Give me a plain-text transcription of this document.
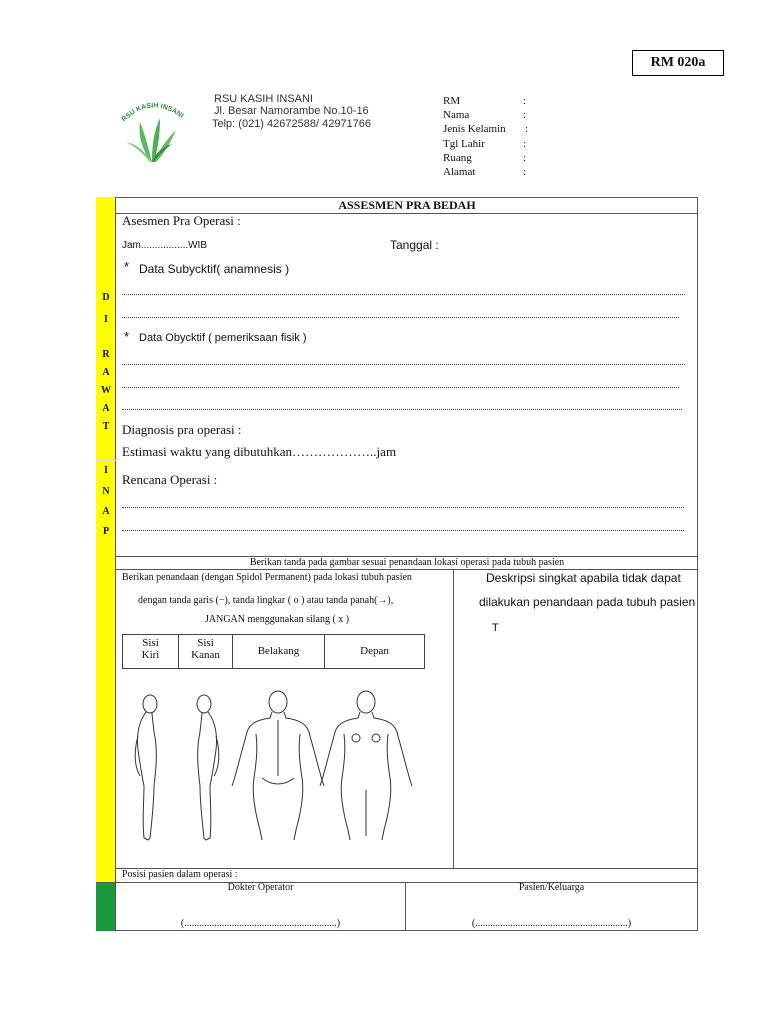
RM 020a
RSU KASIH INSANI
RSU KASIH INSANI
Jl. Besar Namorambe No.10-16
Telp: (021) 42672588/ 42971766
RM	:
Nama	:
Jenis Kelamin :
Tgl Lahir	:
Ruang	:
Alamat	:
D
I
R
A
W
A
T
I
N
A
P
ASSESMEN PRA BEDAH
Asesmen Pra Operasi :
Jam.................WIB	Tanggal :
* Data Subycktif( anamnesis )
* Data Obycktif ( pemeriksaan fisik )
Diagnosis pra operasi :
Estimasi waktu yang dibutuhkan………………..jam
Rencana Operasi :
Berikan tanda pada gambar sesuai penandaan lokasi operasi pada tubuh pasien
Berikan penandaan (dengan Spidol Permanent) pada lokasi tubuh pasien
dengan tanda garis (−), tanda lingkar ( o ) atau tanda panah(→),
JANGAN menggunakan silang ( x )
Sisi
Kiri
Sisi
Kanan	Belakang	Depan
Deskripsi singkat apabila tidak dapat
dilakukan penandaan pada tubuh pasien
T
Posisi pasien dalam operasi :
Dokter Operator
(.............................................................)
Pasien/Keluarga
(.............................................................)
